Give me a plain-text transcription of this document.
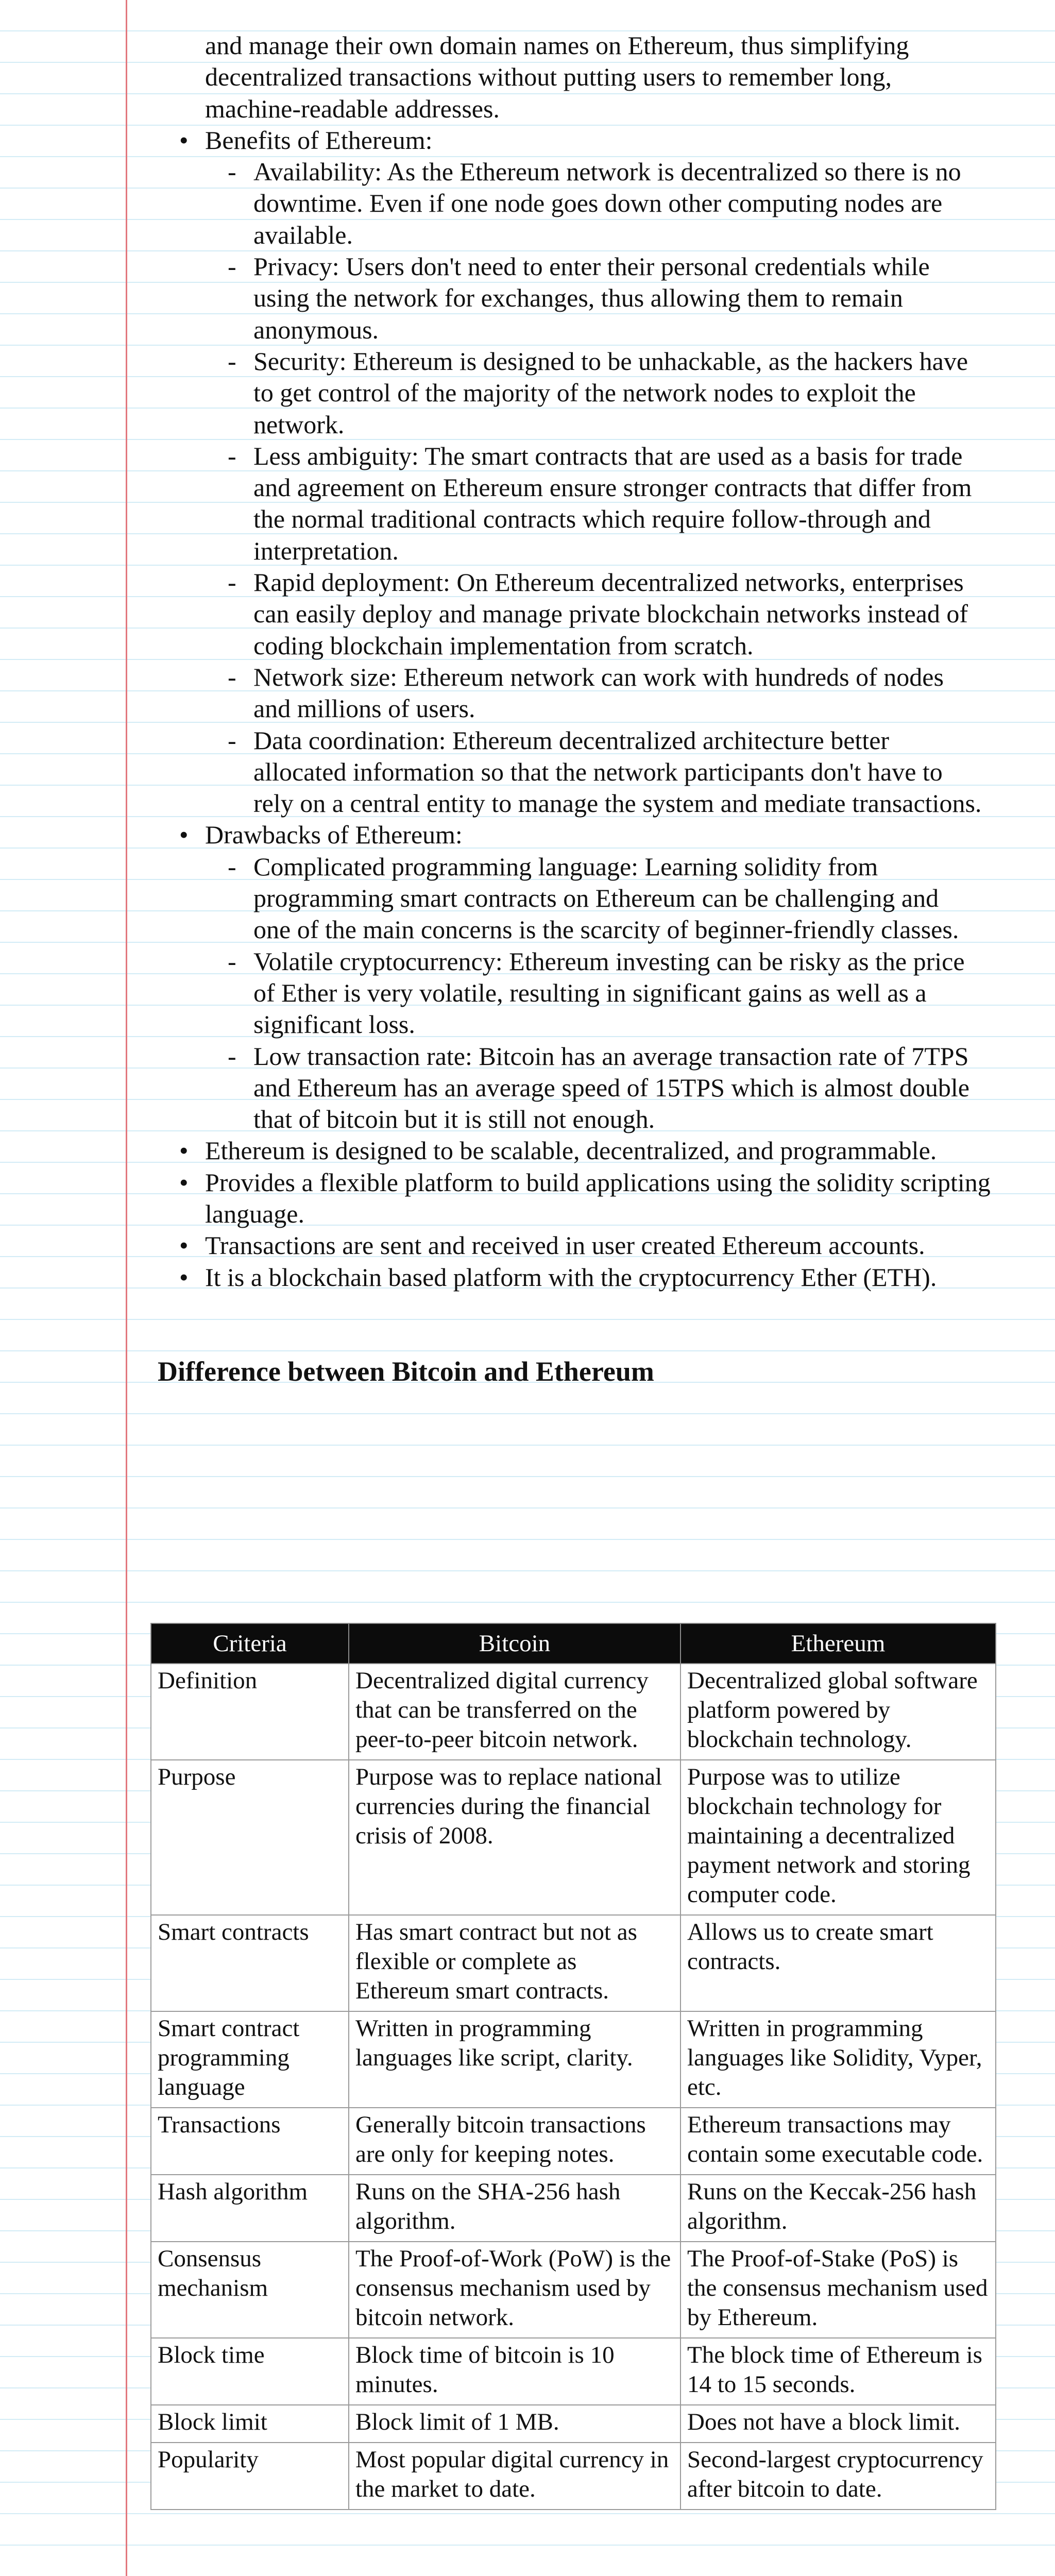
and manage their own domain names on Ethereum, thus simplifying decentralized transactions without putting users to remember long, machine-readable addresses.
• Benefits of Ethereum:
- Availability: As the Ethereum network is decentralized so there is no downtime. Even if one node goes down other computing nodes are available.
- Privacy: Users don't need to enter their personal credentials while using the network for exchanges, thus allowing them to remain anonymous.
- Security: Ethereum is designed to be unhackable, as the hackers have to get control of the majority of the network nodes to exploit the network.
- Less ambiguity: The smart contracts that are used as a basis for trade and agreement on Ethereum ensure stronger contracts that differ from the normal traditional contracts which require follow-through and interpretation.
- Rapid deployment: On Ethereum decentralized networks, enterprises can easily deploy and manage private blockchain networks instead of coding blockchain implementation from scratch.
- Network size: Ethereum network can work with hundreds of nodes and millions of users.
- Data coordination: Ethereum decentralized architecture better allocated information so that the network participants don't have to rely on a central entity to manage the system and mediate transactions.
• Drawbacks of Ethereum:
- Complicated programming language: Learning solidity from programming smart contracts on Ethereum can be challenging and one of the main concerns is the scarcity of beginner-friendly classes.
- Volatile cryptocurrency: Ethereum investing can be risky as the price of Ether is very volatile, resulting in significant gains as well as a significant loss.
- Low transaction rate: Bitcoin has an average transaction rate of 7TPS and Ethereum has an average speed of 15TPS which is almost double that of bitcoin but it is still not enough.
• Ethereum is designed to be scalable, decentralized, and programmable.
• Provides a flexible platform to build applications using the solidity scripting language.
• Transactions are sent and received in user created Ethereum accounts.
• It is a blockchain based platform with the cryptocurrency Ether (ETH).
Difference between Bitcoin and Ethereum
Criteria	Bitcoin	Ethereum
Definition	Decentralized digital currency that can be transferred on the peer-to-peer bitcoin network.	Decentralized global software platform powered by blockchain technology.
Purpose	Purpose was to replace national currencies during the financial crisis of 2008.	Purpose was to utilize blockchain technology for maintaining a decentralized payment network and storing computer code.
Smart contracts	Has smart contract but not as flexible or complete as Ethereum smart contracts.	Allows us to create smart contracts.
Smart contract programming language	Written in programming languages like script, clarity.	Written in programming languages like Solidity, Vyper, etc.
Transactions	Generally bitcoin transactions are only for keeping notes.	Ethereum transactions may contain some executable code.
Hash algorithm	Runs on the SHA-256 hash algorithm.	Runs on the Keccak-256 hash algorithm.
Consensus mechanism	The Proof-of-Work (PoW) is the consensus mechanism used by bitcoin network.	The Proof-of-Stake (PoS) is the consensus mechanism used by Ethereum.
Block time	Block time of bitcoin is 10 minutes.	The block time of Ethereum is 14 to 15 seconds.
Block limit	Block limit of 1 MB.	Does not have a block limit.
Popularity	Most popular digital currency in the market to date.	Second-largest cryptocurrency after bitcoin to date.
